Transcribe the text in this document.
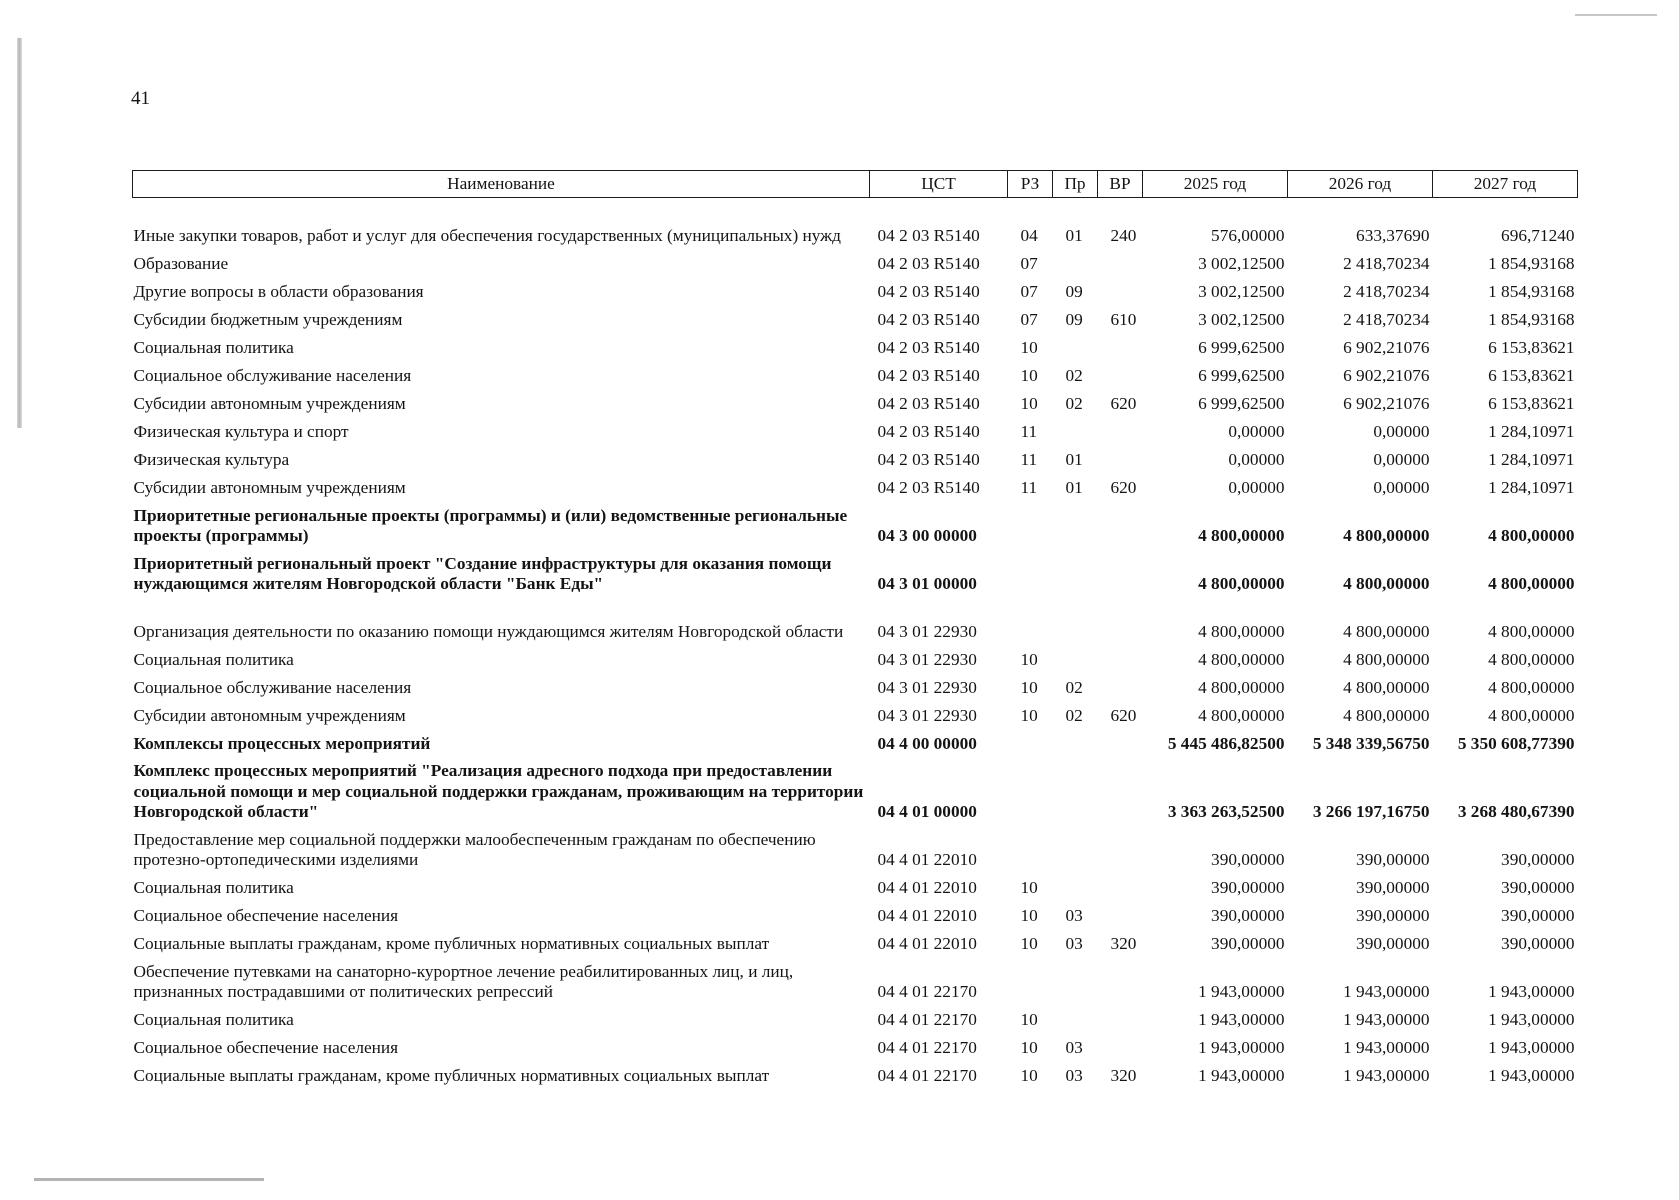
41
Наименование	ЦСТ	РЗ	Пр	ВР	2025 год	2026 год	2027 год
Иные закупки товаров, работ и услуг для обеспечения государственных (муниципальных) нужд	04 2 03 R5140	04	01	240	576,00000	633,37690	696,71240
Образование	04 2 03 R5140	07			3 002,12500	2 418,70234	1 854,93168
Другие вопросы в области образования	04 2 03 R5140	07	09		3 002,12500	2 418,70234	1 854,93168
Субсидии бюджетным учреждениям	04 2 03 R5140	07	09	610	3 002,12500	2 418,70234	1 854,93168
Социальная политика	04 2 03 R5140	10			6 999,62500	6 902,21076	6 153,83621
Социальное обслуживание населения	04 2 03 R5140	10	02		6 999,62500	6 902,21076	6 153,83621
Субсидии автономным учреждениям	04 2 03 R5140	10	02	620	6 999,62500	6 902,21076	6 153,83621
Физическая культура и спорт	04 2 03 R5140	11			0,00000	0,00000	1 284,10971
Физическая культура	04 2 03 R5140	11	01		0,00000	0,00000	1 284,10971
Субсидии автономным учреждениям	04 2 03 R5140	11	01	620	0,00000	0,00000	1 284,10971
Приоритетные региональные проекты (программы) и (или) ведомственные региональные проекты (программы)	04 3 00 00000				4 800,00000	4 800,00000	4 800,00000
Приоритетный региональный проект "Создание инфраструктуры для оказания помощи нуждающимся жителям Новгородской области "Банк Еды"	04 3 01 00000				4 800,00000	4 800,00000	4 800,00000
Организация деятельности по оказанию помощи нуждающимся жителям Новгородской области	04 3 01 22930				4 800,00000	4 800,00000	4 800,00000
Социальная политика	04 3 01 22930	10			4 800,00000	4 800,00000	4 800,00000
Социальное обслуживание населения	04 3 01 22930	10	02		4 800,00000	4 800,00000	4 800,00000
Субсидии автономным учреждениям	04 3 01 22930	10	02	620	4 800,00000	4 800,00000	4 800,00000
Комплексы процессных мероприятий	04 4 00 00000				5 445 486,82500	5 348 339,56750	5 350 608,77390
Комплекс процессных мероприятий "Реализация адресного подхода при предоставлении социальной помощи и мер социальной поддержки гражданам, проживающим на территории Новгородской области"	04 4 01 00000				3 363 263,52500	3 266 197,16750	3 268 480,67390
Предоставление мер социальной поддержки малообеспеченным гражданам по обеспечению протезно-ортопедическими изделиями	04 4 01 22010				390,00000	390,00000	390,00000
Социальная политика	04 4 01 22010	10			390,00000	390,00000	390,00000
Социальное обеспечение населения	04 4 01 22010	10	03		390,00000	390,00000	390,00000
Социальные выплаты гражданам, кроме публичных нормативных социальных выплат	04 4 01 22010	10	03	320	390,00000	390,00000	390,00000
Обеспечение путевками на санаторно-курортное лечение реабилитированных лиц, и лиц, признанных пострадавшими от политических репрессий	04 4 01 22170				1 943,00000	1 943,00000	1 943,00000
Социальная политика	04 4 01 22170	10			1 943,00000	1 943,00000	1 943,00000
Социальное обеспечение населения	04 4 01 22170	10	03		1 943,00000	1 943,00000	1 943,00000
Социальные выплаты гражданам, кроме публичных нормативных социальных выплат	04 4 01 22170	10	03	320	1 943,00000	1 943,00000	1 943,00000
